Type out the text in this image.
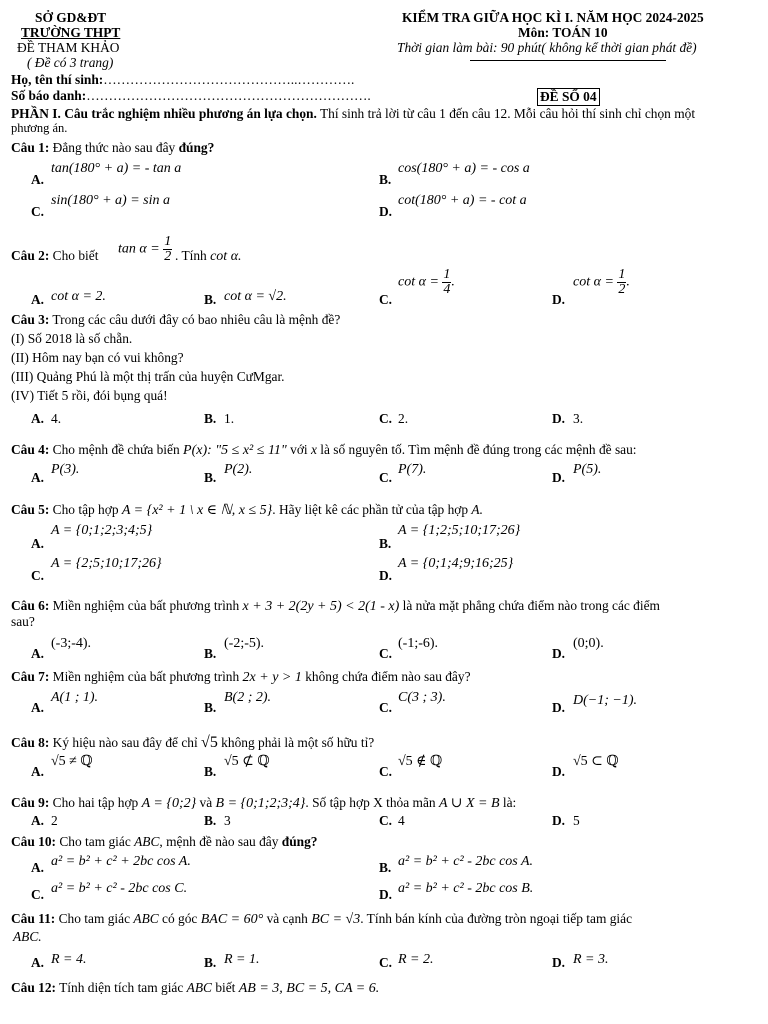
SỞ GD&ĐT
TRƯỜNG THPT
ĐỀ THAM KHẢO
( Đề có 3 trang)
KIỂM TRA GIỮA HỌC KÌ I. NĂM HỌC 2024-2025
Môn: TOÁN 10
Thời gian làm bài: 90 phút( không kể thời gian phát đề)
Họ, tên thí sinh:……………………………………..………….
Số báo danh:……………………………………………………….	ĐỀ SỐ 04
PHẦN I. Câu trắc nghiệm nhiều phương án lựa chọn. Thí sinh trả lời từ câu 1 đến câu 12. Mỗi câu hỏi thí sinh chỉ chọn một
phương án.
Câu 1: Đẳng thức nào sau đây đúng?
A.
tan(180° + a) = - tan a
B.
cos(180° + a) = - cos a
C.
sin(180° + a) = sin a
D.
cot(180° + a) = - cot a
Câu 2: Cho biết $\tan \alpha = \frac{1}{2}$ . Tính cot α.
A. cot α = 2.	B. cot α = √2.	C.
$\cot \alpha = \frac{1}{4}$ .
D.
$\cot \alpha = \frac{1}{2}$ .
Câu 3: Trong các câu dưới đây có bao nhiêu câu là mệnh đề?
(I) Số 2018 là số chẵn.
(II) Hôm nay bạn có vui không?
(III) Quảng Phú là một thị trấn của huyện CưMgar.
(IV) Tiết 5 rồi, đói bụng quá!
A. 4.	B. 1.	C. 2.	D. 3.
Câu 4: Cho mệnh đề chứa biến P(x): "5 ≤ x² ≤ 11" với x là số nguyên tố. Tìm mệnh đề đúng trong các mệnh đề sau:
A.
P(3).
B.
P(2).
C.
P(7).
D.
P(5).
Câu 5: Cho tập hợp A = {x² + 1 \ x ∈ ℕ, x ≤ 5}. Hãy liệt kê các phần tử của tập hợp A.
A.
A = {0;1;2;3;4;5}
B.
A = {1;2;5;10;17;26}
C.
A = {2;5;10;17;26}
D.
A = {0;1;4;9;16;25}
Câu 6: Miền nghiệm của bất phương trình x + 3 + 2(2y + 5) < 2(1 - x) là nửa mặt phẳng chứa điểm nào trong các điểm
sau?
A.
(-3;-4).
B.
(-2;-5).
C.
(-1;-6).
D.
(0;0).
Câu 7: Miền nghiệm của bất phương trình 2x + y > 1 không chứa điểm nào sau đây?
A.
A(1 ; 1).
B.
B(2 ; 2).
C.
C(3 ; 3).
D. D(−1; −1).
Câu 8: Ký hiệu nào sau đây để chỉ √5 không phải là một số hữu tỉ?
A.
√5 ≠ ℚ
B.
√5 ⊄ ℚ
C.
√5 ∉ ℚ
D.
√5 ⊂ ℚ
Câu 9: Cho hai tập hợp A = {0;2} và B = {0;1;2;3;4}. Số tập hợp X thỏa mãn A ∪ X = B là:
A. 2	B. 3	C. 4	D. 5
Câu 10: Cho tam giác ABC, mệnh đề nào sau đây đúng?
A. a² = b² + c² + 2bc cos A.	B. a² = b² + c² - 2bc cos A.
C. a² = b² + c² - 2bc cos C.	D. a² = b² + c² - 2bc cos B.
Câu 11: Cho tam giác ABC có góc BAC = 60° và cạnh BC = √3. Tính bán kính của đường tròn ngoại tiếp tam giác
ABC.
A. R = 4.	B. R = 1.	C. R = 2.	D. R = 3.
Câu 12: Tính diện tích tam giác ABC biết AB = 3, BC = 5, CA = 6.
